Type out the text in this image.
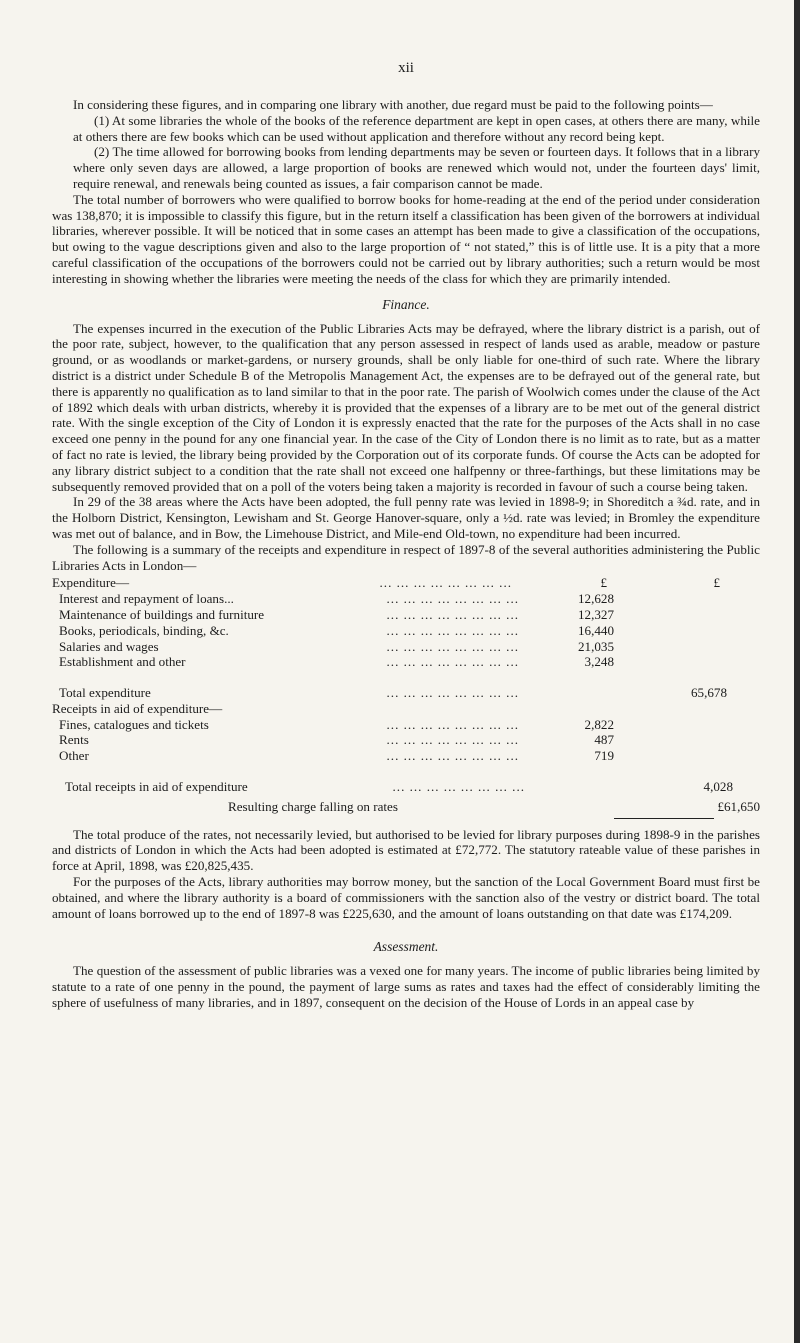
xii

In considering these figures, and in comparing one library with another, due regard must be paid to the following points—

(1) At some libraries the whole of the books of the reference department are kept in open cases, at others there are many, while at others there are few books which can be used without application and therefore without any record being kept.

(2) The time allowed for borrowing books from lending departments may be seven or fourteen days. It follows that in a library where only seven days are allowed, a large proportion of books are renewed which would not, under the fourteen days' limit, require renewal, and renewals being counted as issues, a fair comparison cannot be made.

The total number of borrowers who were qualified to borrow books for home-reading at the end of the period under consideration was 138,870; it is impossible to classify this figure, but in the return itself a classification has been given of the borrowers at individual libraries, wherever possible. It will be noticed that in some cases an attempt has been made to give a classification of the occupations, but owing to the vague descriptions given and also to the large proportion of “ not stated,” this is of little use. It is a pity that a more careful classification of the occupations of the borrowers could not be carried out by library authorities; such a return would be most interesting in showing whether the libraries were meeting the needs of the class for which they are primarily intended.

Finance.

The expenses incurred in the execution of the Public Libraries Acts may be defrayed, where the library district is a parish, out of the poor rate, subject, however, to the qualification that any person assessed in respect of lands used as arable, meadow or pasture ground, or as woodlands or market-gardens, or nursery grounds, shall be only liable for one-third of such rate. Where the library district is a district under Schedule B of the Metropolis Management Act, the expenses are to be defrayed out of the general rate, but there is apparently no qualification as to land similar to that in the poor rate. The parish of Woolwich comes under the clause of the Act of 1892 which deals with urban districts, whereby it is provided that the expenses of a library are to be met out of the general district rate. With the single exception of the City of London it is expressly enacted that the rate for the purposes of the Acts shall in no case exceed one penny in the pound for any one financial year. In the case of the City of London there is no limit as to rate, but as a matter of fact no rate is levied, the library being provided by the Corporation out of its corporate funds. Of course the Acts can be adopted for any library district subject to a condition that the rate shall not exceed one halfpenny or three-farthings, but these limitations may be subsequently removed provided that on a poll of the voters being taken a majority is recorded in favour of such a course being taken.

In 29 of the 38 areas where the Acts have been adopted, the full penny rate was levied in 1898-9; in Shoreditch a ¾d. rate, and in the Holborn District, Kensington, Lewisham and St. George Hanover-square, only a ½d. rate was levied; in Bromley the expenditure was met out of balance, and in Bow, the Limehouse District, and Mile-end Old-town, no expenditure had been incurred.

The following is a summary of the receipts and expenditure in respect of 1897-8 of the several authorities administering the Public Libraries Acts in London—

Expenditure—	... ... ... ... ... ... ... ...	£	£
Interest and repayment of loans...	... ... ... ... ... ... ... ...	12,628
Maintenance of buildings and furniture	... ... ... ... ... ... ... ...	12,327
Books, periodicals, binding, &c.	... ... ... ... ... ... ... ...	16,440
Salaries and wages	... ... ... ... ... ... ... ...	21,035
Establishment and other	... ... ... ... ... ... ... ...	3,248
Total expenditure	... ... ... ... ... ... ... ...	65,678
Receipts in aid of expenditure—
Fines, catalogues and tickets	... ... ... ... ... ... ... ...	2,822
Rents	... ... ... ... ... ... ... ...	487
Other	... ... ... ... ... ... ... ...	719
Total receipts in aid of expenditure	... ... ... ... ... ... ... ...	4,028
Resulting charge falling on rates	£61,650

The total produce of the rates, not necessarily levied, but authorised to be levied for library purposes during 1898-9 in the parishes and districts of London in which the Acts had been adopted is estimated at £72,772. The statutory rateable value of these parishes in force at April, 1898, was £20,825,435.

For the purposes of the Acts, library authorities may borrow money, but the sanction of the Local Government Board must first be obtained, and where the library authority is a board of commissioners with the sanction also of the vestry or district board. The total amount of loans borrowed up to the end of 1897-8 was £225,630, and the amount of loans outstanding on that date was £174,209.

Assessment.

The question of the assessment of public libraries was a vexed one for many years. The income of public libraries being limited by statute to a rate of one penny in the pound, the payment of large sums as rates and taxes had the effect of considerably limiting the sphere of usefulness of many libraries, and in 1897, consequent on the decision of the House of Lords in an appeal case by
